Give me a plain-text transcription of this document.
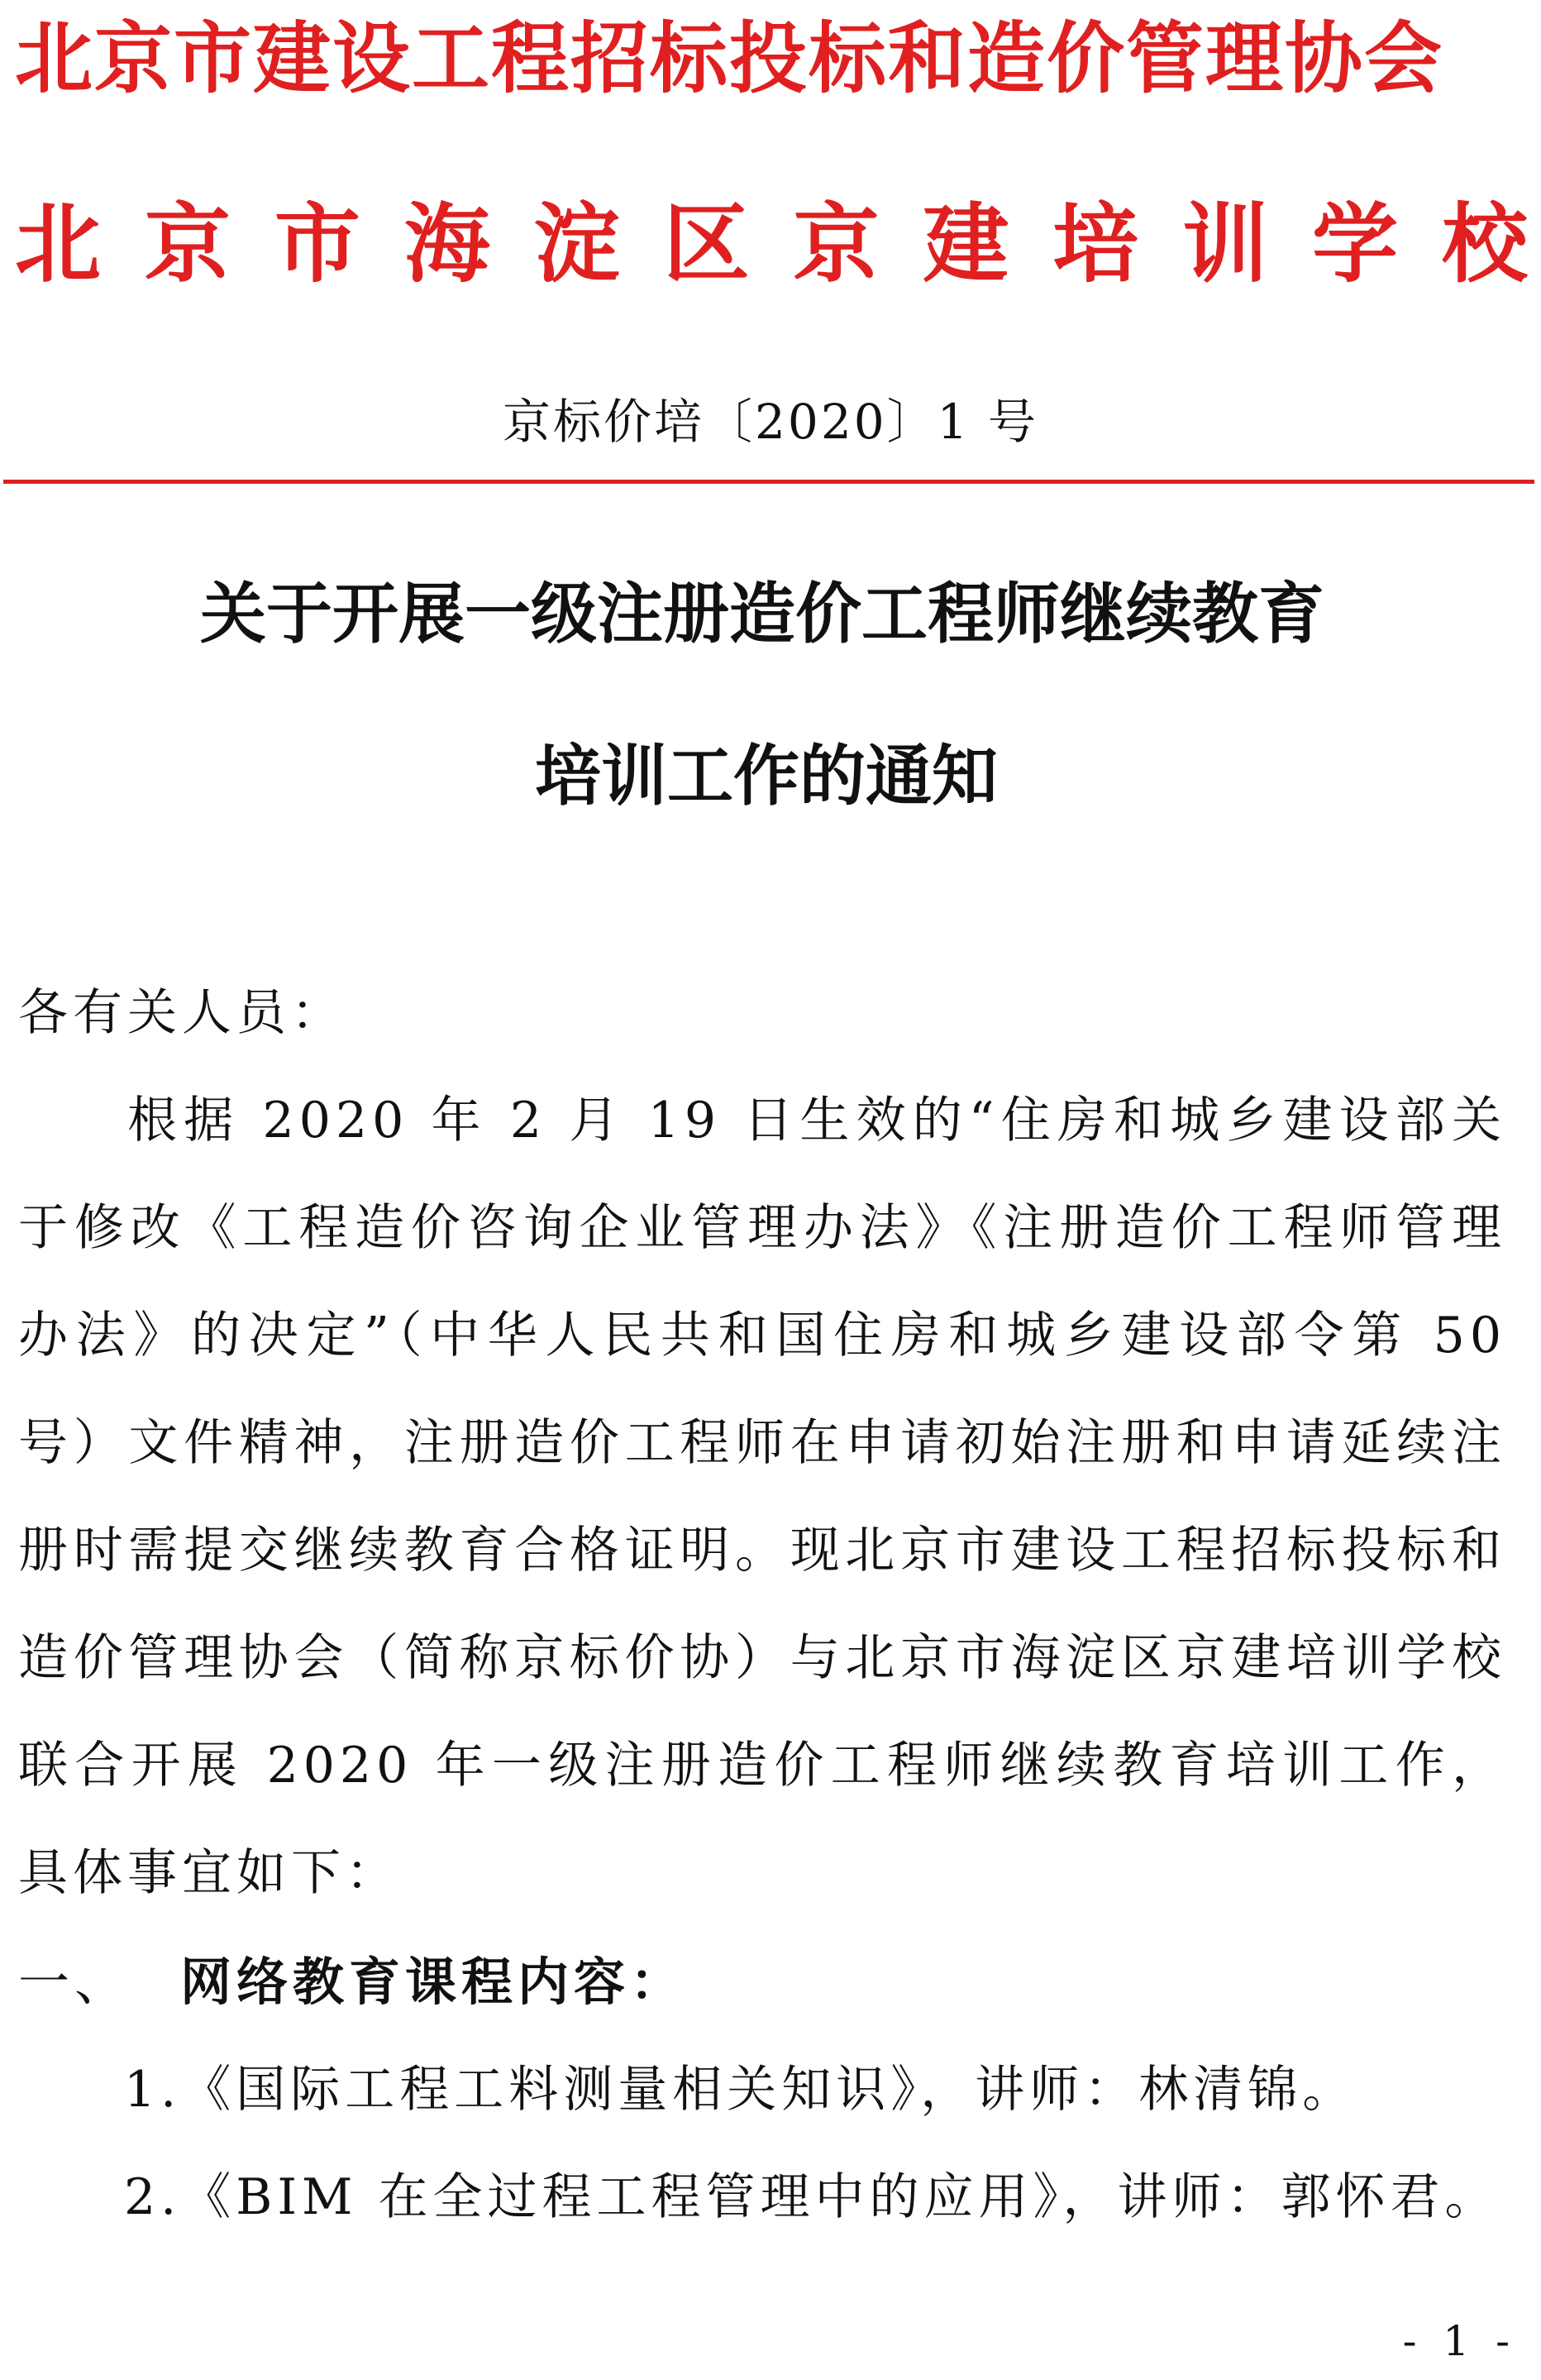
北京市建设工程招标投标和造价管理协会
北 京 市 海 淀 区 京 建 培 训 学 校
京标价培〔2020〕1 号
关于开展一级注册造价工程师继续教育
培训工作的通知
各有关人员：
根据 2020 年 2 月 19 日生效的“住房和城乡建设部关于修改《工程造价咨询企业管理办法》《注册造价工程师管理办法》的决定”（中华人民共和国住房和城乡建设部令第 50 号）文件精神，注册造价工程师在申请初始注册和申请延续注册时需提交继续教育合格证明。现北京市建设工程招标投标和造价管理协会（简称京标价协）与北京市海淀区京建培训学校联合开展 2020 年一级注册造价工程师继续教育培训工作，具体事宜如下：
一、 网络教育课程内容：
1.《国际工程工料测量相关知识》，讲师：林清锦。
2.《BIM 在全过程工程管理中的应用》，讲师：郭怀君。
- 1 -
